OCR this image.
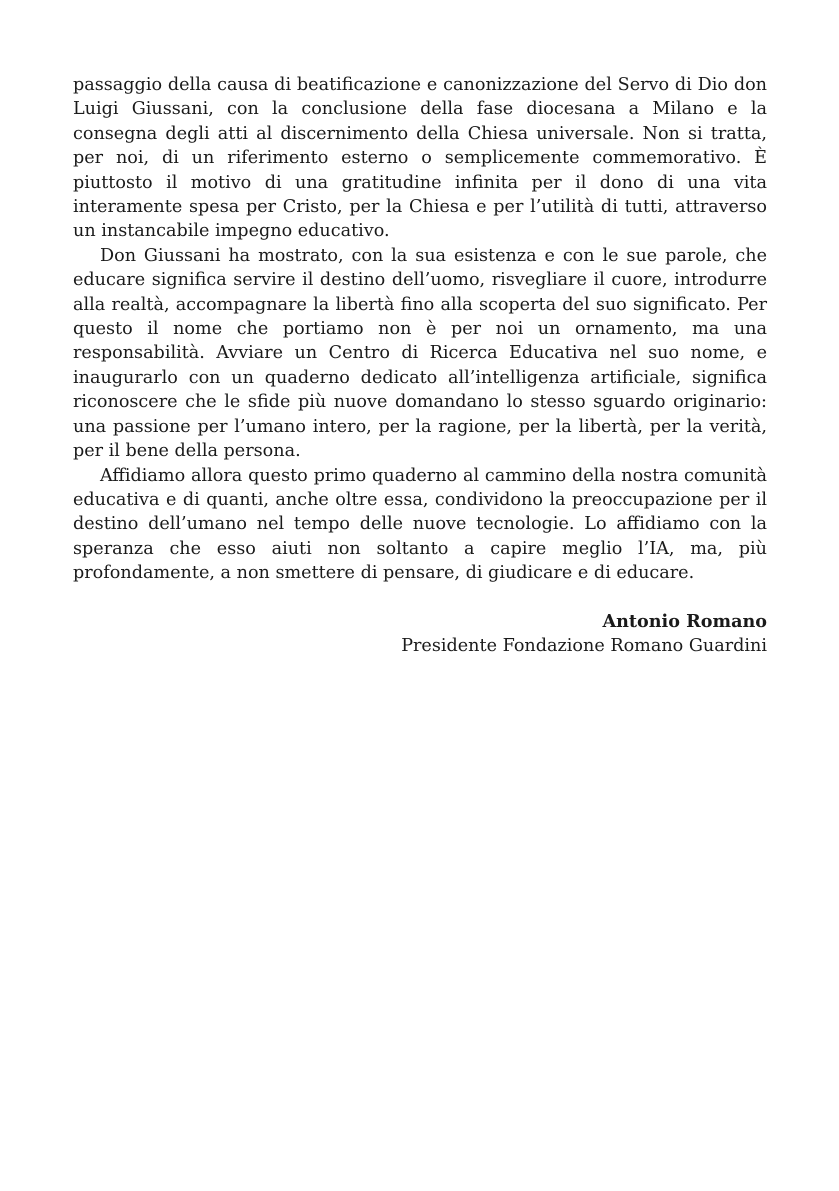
passaggio della causa di beatificazione e canonizzazione del Servo di Dio don Luigi Giussani, con la conclusione della fase diocesana a Milano e la consegna degli atti al discernimento della Chiesa universale. Non si tratta, per noi, di un riferimento esterno o semplicemente commemorativo. È piuttosto il motivo di una gratitudine infinita per il dono di una vita interamente spesa per Cristo, per la Chiesa e per l’utilità di tutti, attraverso un instancabile impegno educativo.

Don Giussani ha mostrato, con la sua esistenza e con le sue parole, che educare significa servire il destino dell’uomo, risvegliare il cuore, introdurre alla realtà, accompagnare la libertà fino alla scoperta del suo significato. Per questo il nome che portiamo non è per noi un ornamento, ma una responsabilità. Avviare un Centro di Ricerca Educativa nel suo nome, e inaugurarlo con un quaderno dedicato all’intelligenza artificiale, significa riconoscere che le sfide più nuove domandano lo stesso sguardo originario: una passione per l’umano intero, per la ragione, per la libertà, per la verità, per il bene della persona.

Affidiamo allora questo primo quaderno al cammino della nostra comunità educativa e di quanti, anche oltre essa, condividono la preoccupazione per il destino dell’umano nel tempo delle nuove tecnologie. Lo affidiamo con la speranza che esso aiuti non soltanto a capire meglio l’IA, ma, più profondamente, a non smettere di pensare, di giudicare e di educare.

Antonio Romano
Presidente Fondazione Romano Guardini
